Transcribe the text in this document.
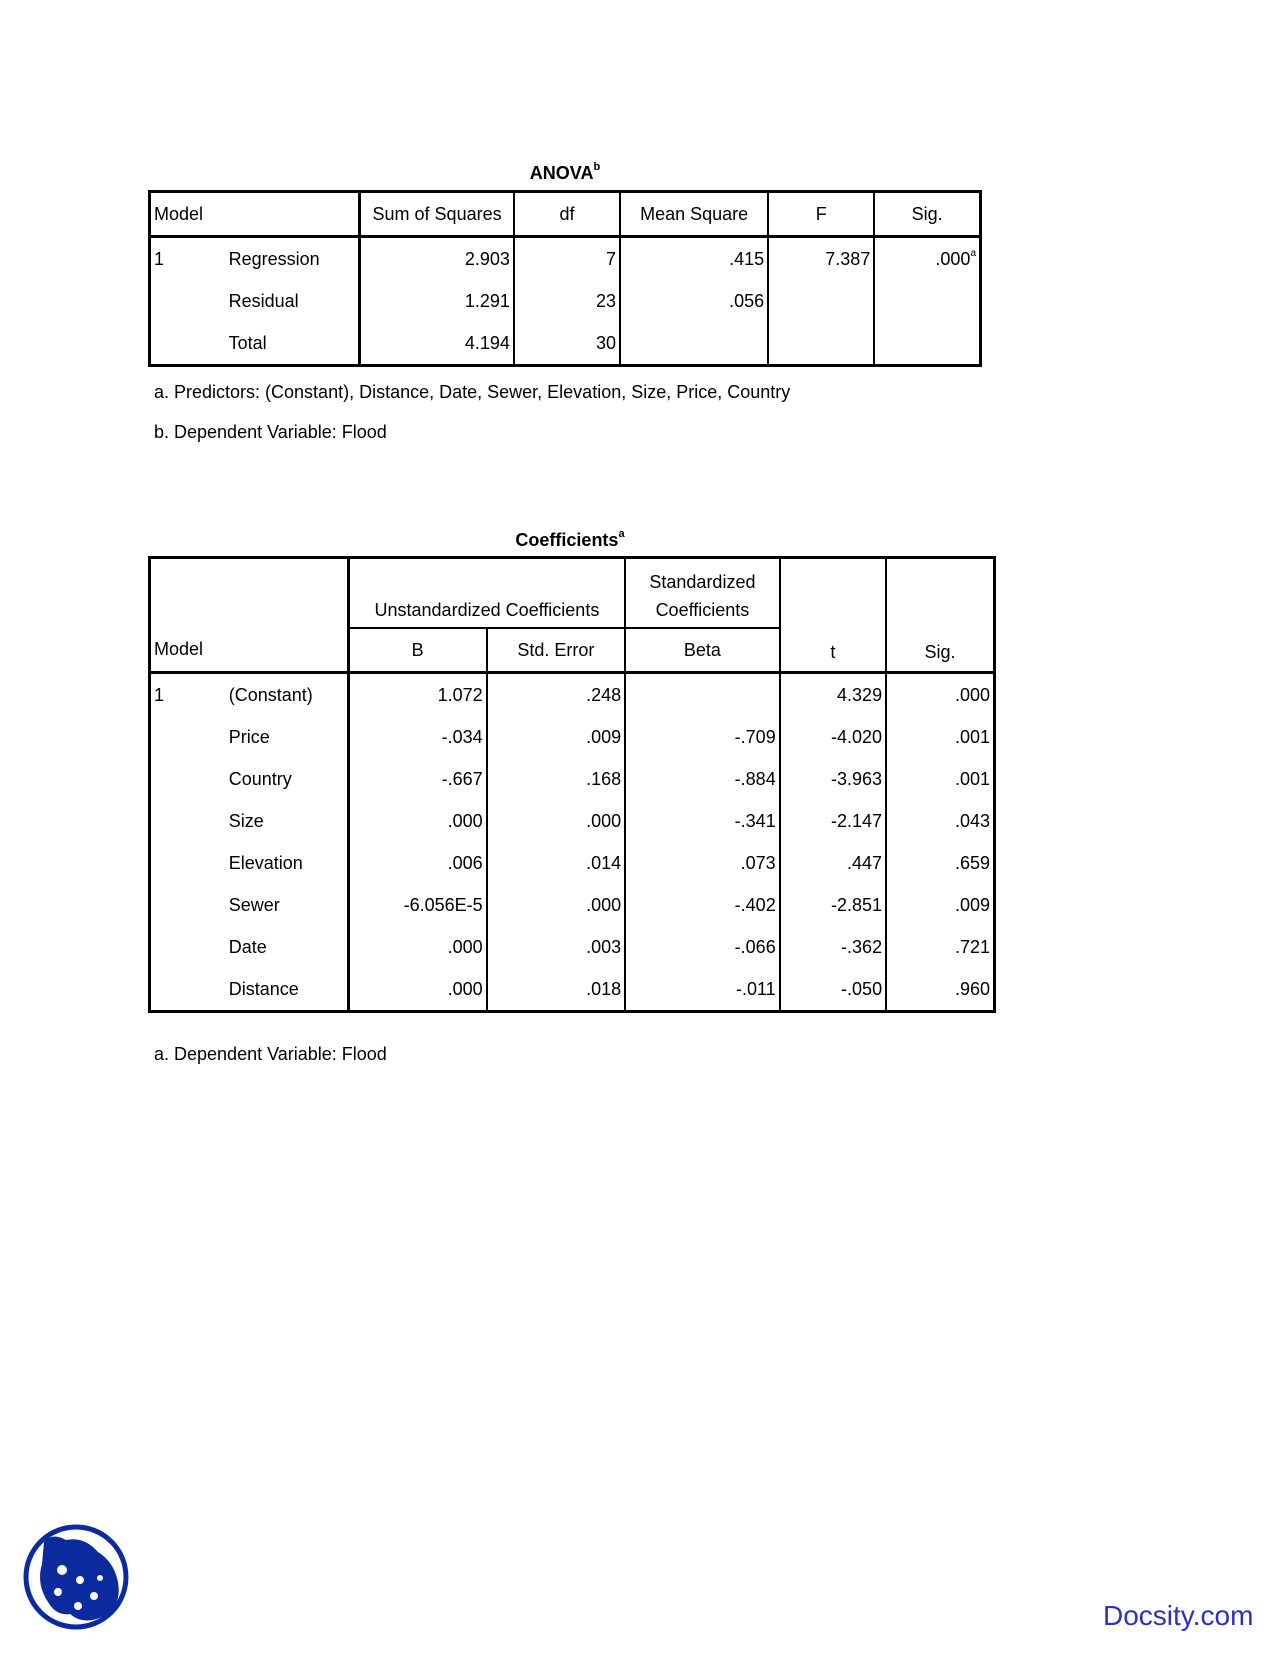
ANOVA$^b$
Model		Sum of Squares	df	Mean Square	F	Sig.
1	Regression	2.903	7	.415	7.387	.000$^a$
	Residual	1.291	23	.056		
	Total	4.194	30			
a. Predictors: (Constant), Distance, Date, Sewer, Elevation, Size, Price, Country
b. Dependent Variable: Flood
Coefficients$^a$
		Unstandardized Coefficients		Standardized	t	Sig.
				Coefficients		
Model		B	Std. Error	Beta		
1	(Constant)	1.072	.248		4.329	.000
	Price	-.034	.009	-.709	-4.020	.001
	Country	-.667	.168	-.884	-3.963	.001
	Size	.000	.000	-.341	-2.147	.043
	Elevation	.006	.014	.073	.447	.659
	Sewer	-6.056E-5	.000	-.402	-2.851	.009
	Date	.000	.003	-.066	-.362	.721
	Distance	.000	.018	-.011	-.050	.960
a. Dependent Variable: Flood
Docsity.com
